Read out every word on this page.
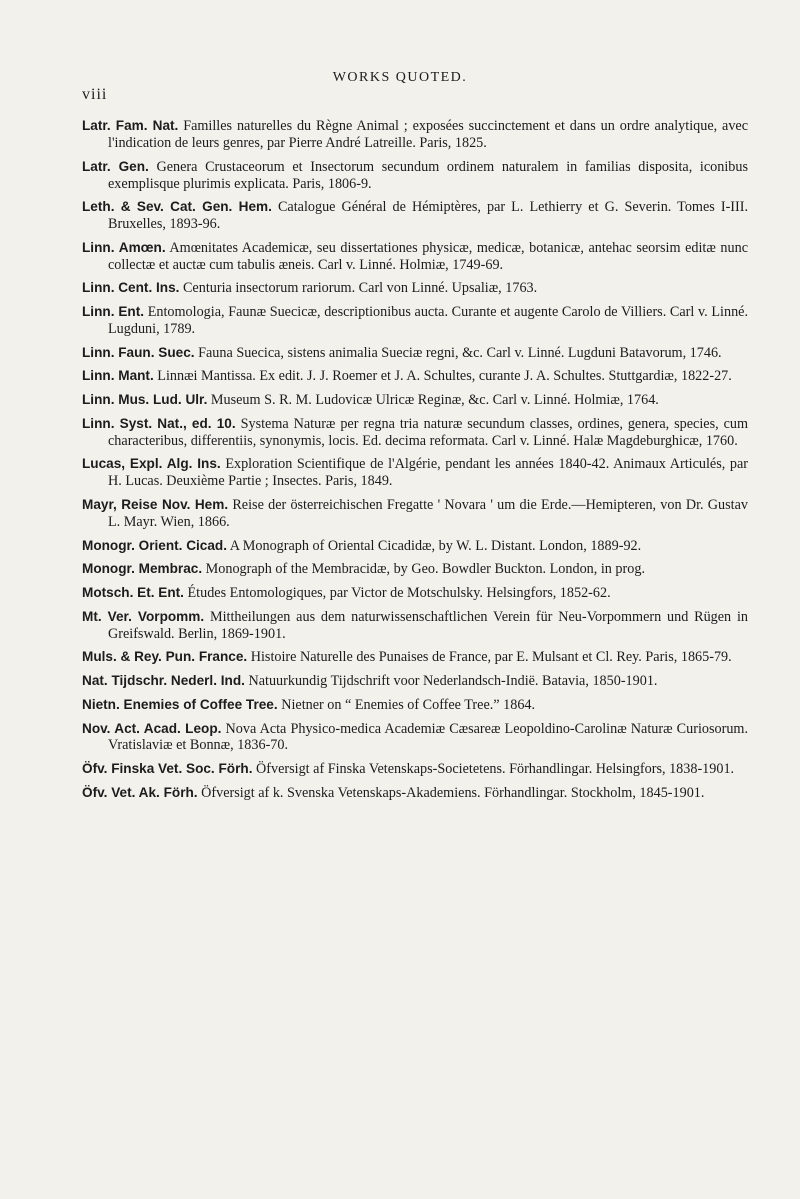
viii
WORKS QUOTED.

Latr. Fam. Nat. Familles naturelles du Règne Animal ; exposées succinctement et dans un ordre analytique, avec l'indication de leurs genres, par Pierre André Latreille. Paris, 1825.

Latr. Gen. Genera Crustaceorum et Insectorum secundum ordinem naturalem in familias disposita, iconibus exemplisque plurimis explicata. Paris, 1806-9.

Leth. & Sev. Cat. Gen. Hem. Catalogue Général de Hémiptères, par L. Lethierry et G. Severin. Tomes I-III. Bruxelles, 1893-96.

Linn. Amœn. Amœnitates Academicæ, seu dissertationes physicæ, medicæ, botanicæ, antehac seorsim editæ nunc collectæ et auctæ cum tabulis æneis. Carl v. Linné. Holmiæ, 1749-69.

Linn. Cent. Ins. Centuria insectorum rariorum. Carl von Linné. Upsaliæ, 1763.

Linn. Ent. Entomologia, Faunæ Suecicæ, descriptionibus aucta. Curante et augente Carolo de Villiers. Carl v. Linné. Lugduni, 1789.

Linn. Faun. Suec. Fauna Suecica, sistens animalia Sueciæ regni, &c. Carl v. Linné. Lugduni Batavorum, 1746.

Linn. Mant. Linnæi Mantissa. Ex edit. J. J. Roemer et J. A. Schultes, curante J. A. Schultes. Stuttgardiæ, 1822-27.

Linn. Mus. Lud. Ulr. Museum S. R. M. Ludovicæ Ulricæ Reginæ, &c. Carl v. Linné. Holmiæ, 1764.

Linn. Syst. Nat., ed. 10. Systema Naturæ per regna tria naturæ secundum classes, ordines, genera, species, cum characteribus, differentiis, synonymis, locis. Ed. decima reformata. Carl v. Linné. Halæ Magdeburghicæ, 1760.

Lucas, Expl. Alg. Ins. Exploration Scientifique de l'Algérie, pendant les années 1840-42. Animaux Articulés, par H. Lucas. Deuxième Partie ; Insectes. Paris, 1849.

Mayr, Reise Nov. Hem. Reise der österreichischen Fregatte ' Novara ' um die Erde.—Hemipteren, von Dr. Gustav L. Mayr. Wien, 1866.

Monogr. Orient. Cicad. A Monograph of Oriental Cicadidæ, by W. L. Distant. London, 1889-92.

Monogr. Membrac. Monograph of the Membracidæ, by Geo. Bowdler Buckton. London, in prog.

Motsch. Et. Ent. Études Entomologiques, par Victor de Motschulsky. Helsingfors, 1852-62.

Mt. Ver. Vorpomm. Mittheilungen aus dem naturwissenschaftlichen Verein für Neu-Vorpommern und Rügen in Greifswald. Berlin, 1869-1901.

Muls. & Rey. Pun. France. Histoire Naturelle des Punaises de France, par E. Mulsant et Cl. Rey. Paris, 1865-79.

Nat. Tijdschr. Nederl. Ind. Natuurkundig Tijdschrift voor Nederlandsch-Indië. Batavia, 1850-1901.

Nietn. Enemies of Coffee Tree. Nietner on “ Enemies of Coffee Tree.” 1864.

Nov. Act. Acad. Leop. Nova Acta Physico-medica Academiæ Cæsareæ Leopoldino-Carolinæ Naturæ Curiosorum. Vratislaviæ et Bonnæ, 1836-70.

Öfv. Finska Vet. Soc. Förh. Öfversigt af Finska Vetenskaps-Societetens. Förhandlingar. Helsingfors, 1838-1901.

Öfv. Vet. Ak. Förh. Öfversigt af k. Svenska Vetenskaps-Akademiens. Förhandlingar. Stockholm, 1845-1901.
